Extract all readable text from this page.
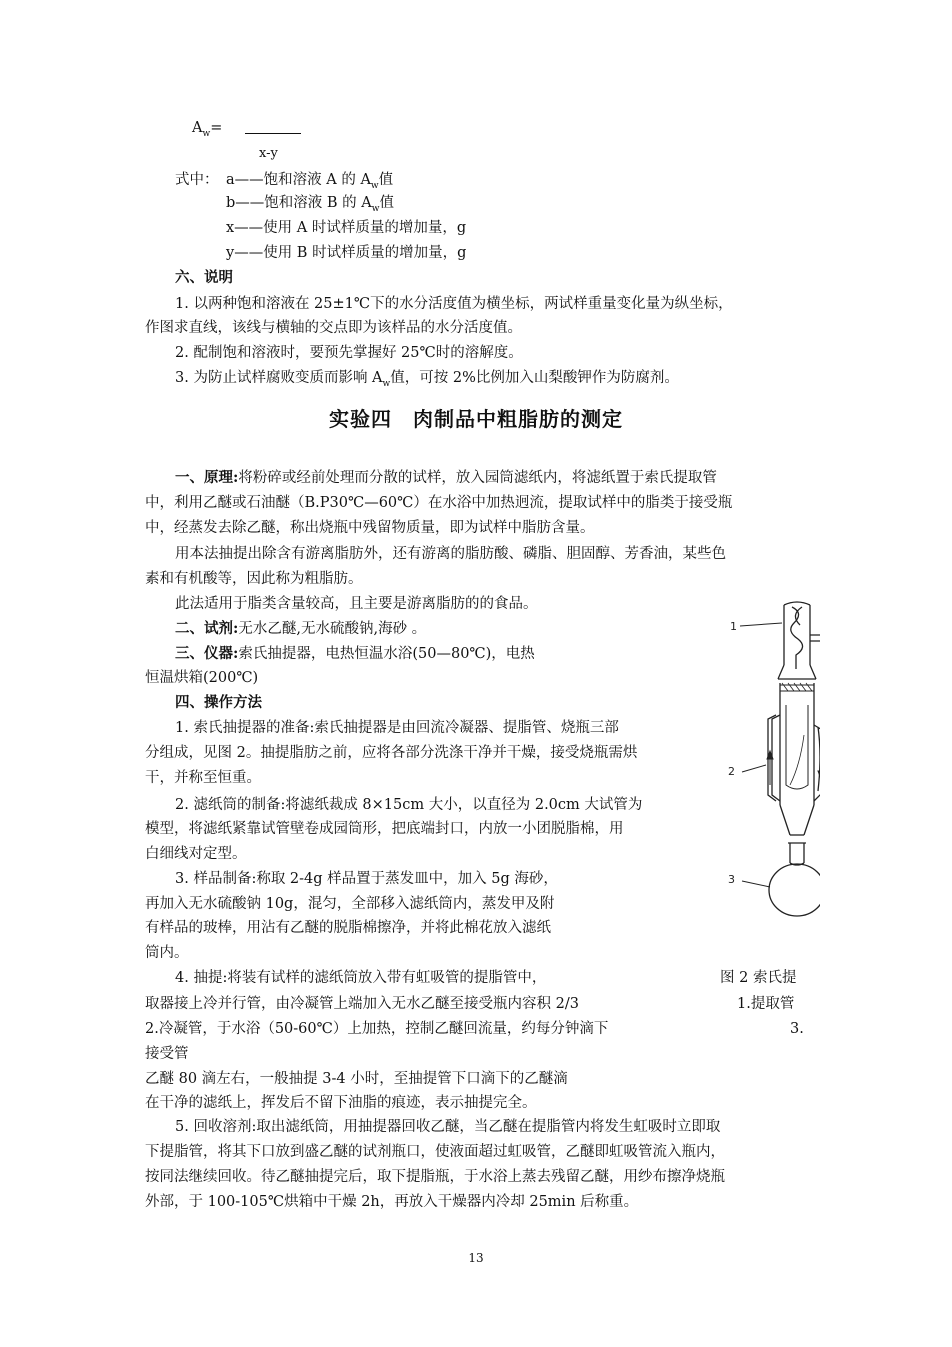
$A_w=$
x-y
式中： a——饱和溶液 A 的 $A_w$值
b——饱和溶液 B 的 $A_w$值
x——使用 A 时试样质量的增加量，g
y——使用 B 时试样质量的增加量，g
六、说明
1. 以两种饱和溶液在 25±1℃下的水分活度值为横坐标，两试样重量变化量为纵坐标，
作图求直线，该线与横轴的交点即为该样品的水分活度值。
2. 配制饱和溶液时，要预先掌握好 25℃时的溶解度。
3. 为防止试样腐败变质而影响 $A_w$值，可按 2%比例加入山梨酸钾作为防腐剂。
实验四　肉制品中粗脂肪的测定
一、原理:将粉碎或经前处理而分散的试样，放入园筒滤纸内，将滤纸置于索氏提取管
中，利用乙醚或石油醚（B.P30℃—60℃）在水浴中加热迥流，提取试样中的脂类于接受瓶
中，经蒸发去除乙醚，称出烧瓶中残留物质量，即为试样中脂肪含量。
用本法抽提出除含有游离脂肪外，还有游离的脂肪酸、磷脂、胆固醇、芳香油，某些色
素和有机酸等，因此称为粗脂肪。
此法适用于脂类含量较高，且主要是游离脂肪的的食品。
二、试剂:无水乙醚,无水硫酸钠,海砂 。
三、仪器:索氏抽提器，电热恒温水浴(50—80℃)，电热
恒温烘箱(200℃)
四、操作方法
1. 索氏抽提器的准备:索氏抽提器是由回流冷凝器、提脂管、烧瓶三部
分组成，见图 2。抽提脂肪之前，应将各部分洗涤干净并干燥，接受烧瓶需烘
干，并称至恒重。
2. 滤纸筒的制备:将滤纸裁成 8×15cm 大小，以直径为 2.0cm 大试管为
模型，将滤纸紧靠试管壁卷成园筒形，把底端封口，内放一小团脱脂棉，用
白细线对定型。
3. 样品制备:称取 2-4g 样品置于蒸发皿中，加入 5g 海砂，
再加入无水硫酸钠 10g，混匀，全部移入滤纸筒内，蒸发甲及附
有样品的玻棒，用沾有乙醚的脱脂棉擦净，并将此棉花放入滤纸
筒内。
4. 抽提:将装有试样的滤纸筒放入带有虹吸管的提脂管中，
取器接上冷并行管，由冷凝管上端加入无水乙醚至接受瓶内容积 2/3
2.冷凝管，于水浴（50-60℃）上加热，控制乙醚回流量，约每分钟滴下
接受管
乙醚 80 滴左右，一般抽提 3-4 小时，至抽提管下口滴下的乙醚滴
在干净的滤纸上，挥发后不留下油脂的痕迹，表示抽提完全。
5. 回收溶剂:取出滤纸筒，用抽提器回收乙醚，当乙醚在提脂管内将发生虹吸时立即取
下提脂管，将其下口放到盛乙醚的试剂瓶口，使液面超过虹吸管，乙醚即虹吸管流入瓶内，
按同法继续回收。待乙醚抽提完后，取下提脂瓶，于水浴上蒸去残留乙醚，用纱布擦净烧瓶
外部，于 100-105℃烘箱中干燥 2h，再放入干燥器内冷却 25min 后称重。
图 2 索氏提
1.提取管
3.
1
2
3
13
